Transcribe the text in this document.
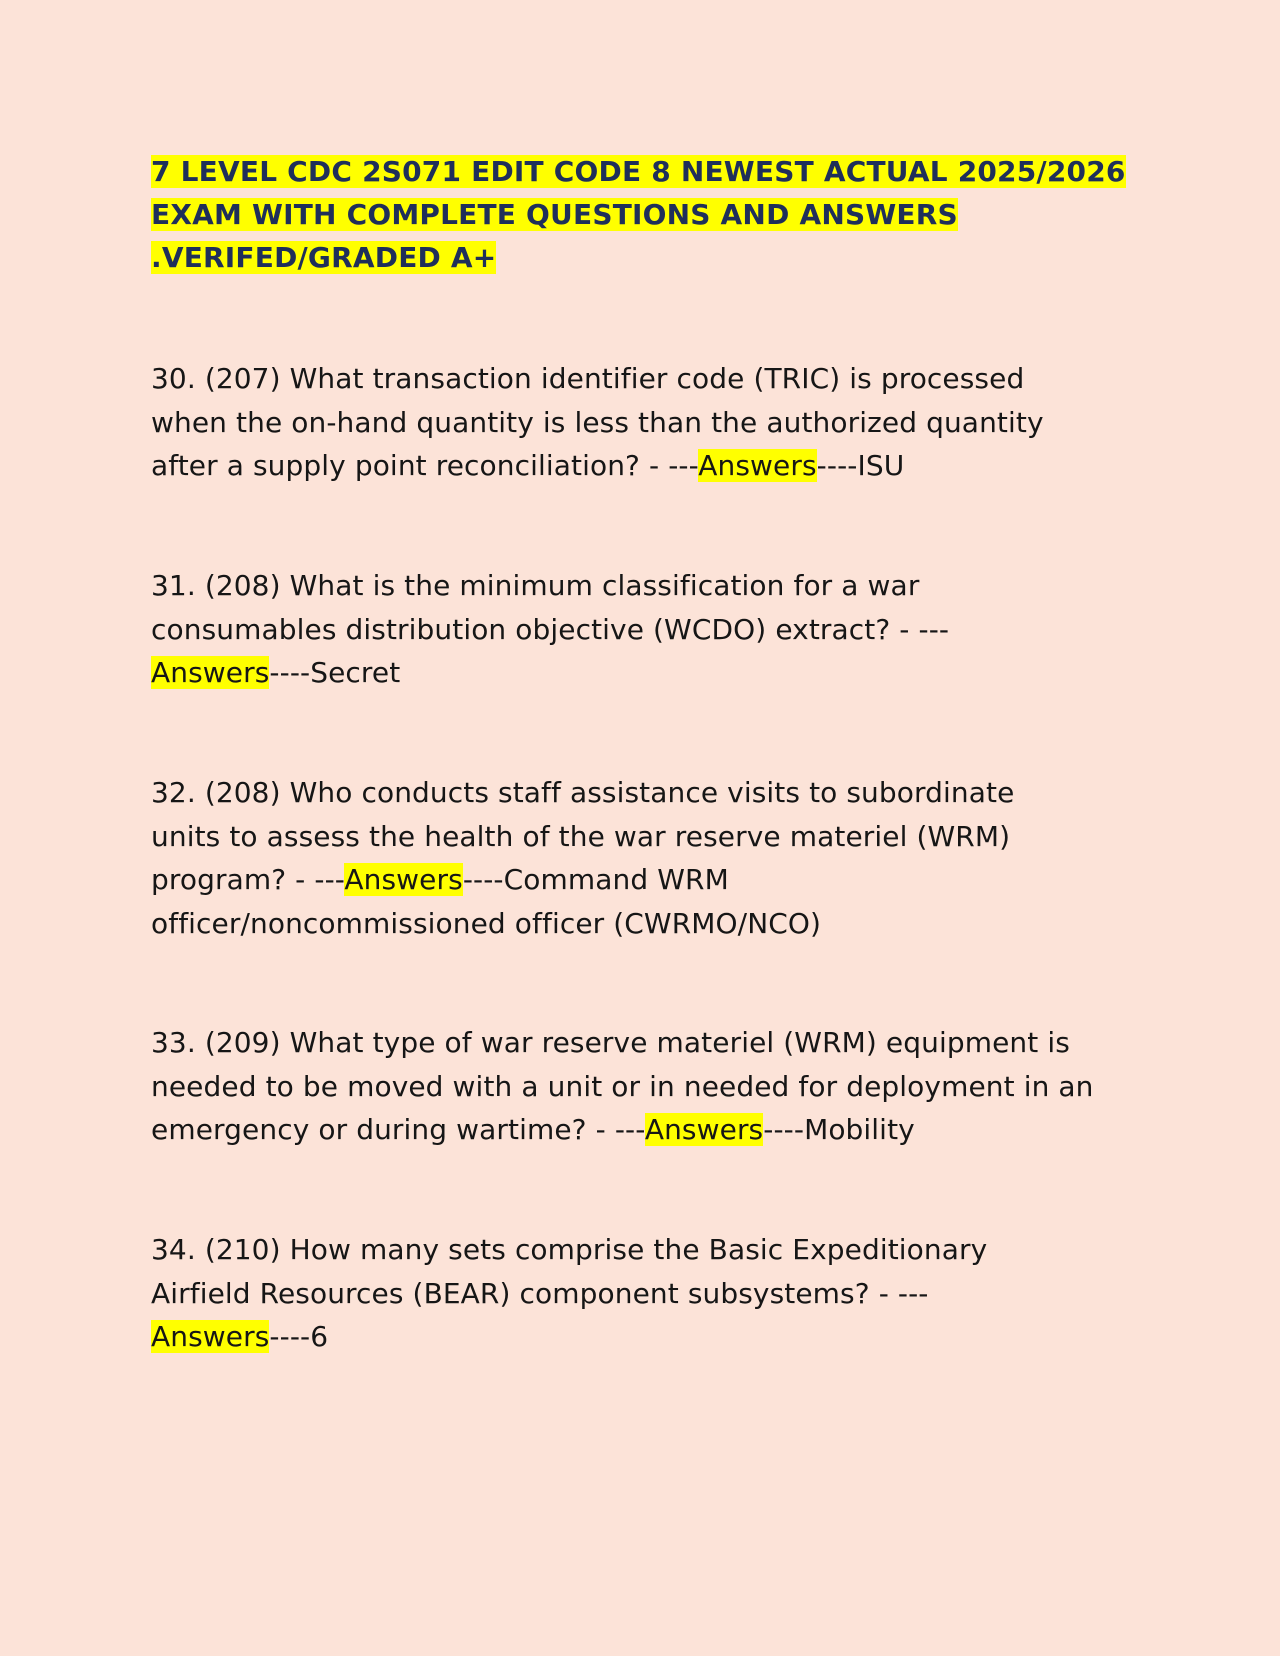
7 LEVEL CDC 2S071 EDIT CODE 8 NEWEST ACTUAL 2025/2026
EXAM WITH COMPLETE QUESTIONS AND ANSWERS
.VERIFED/GRADED A+
30. (207) What transaction identifier code (TRIC) is processed
when the on-hand quantity is less than the authorized quantity
after a supply point reconciliation? - ---Answers----ISU
31. (208) What is the minimum classification for a war
consumables distribution objective (WCDO) extract? - ---
Answers----Secret
32. (208) Who conducts staff assistance visits to subordinate
units to assess the health of the war reserve materiel (WRM)
program? - ---Answers----Command WRM
officer/noncommissioned officer (CWRMO/NCO)
33. (209) What type of war reserve materiel (WRM) equipment is
needed to be moved with a unit or in needed for deployment in an
emergency or during wartime? - ---Answers----Mobility
34. (210) How many sets comprise the Basic Expeditionary
Airfield Resources (BEAR) component subsystems? - ---
Answers----6
